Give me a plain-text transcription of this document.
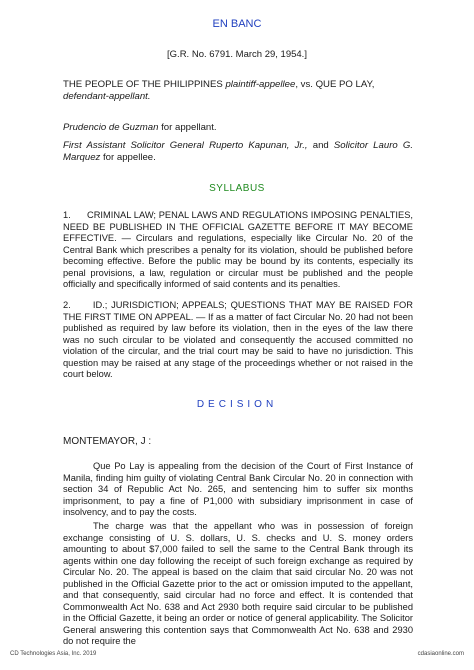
EN BANC
[G.R. No. 6791. March 29, 1954.]
THE PEOPLE OF THE PHILIPPINES plaintiff-appellee, vs. QUE PO LAY,
defendant-appellant.
Prudencio de Guzman for appellant.
First Assistant Solicitor General Ruperto Kapunan, Jr., and Solicitor Lauro G. Marquez for appellee.
SYLLABUS
1.      CRIMINAL LAW; PENAL LAWS AND REGULATIONS IMPOSING PENALTIES, NEED BE PUBLISHED IN THE OFFICIAL GAZETTE BEFORE IT MAY BECOME EFFECTIVE. — Circulars and regulations, especially like Circular No. 20 of the Central Bank which prescribes a penalty for its violation, should be published before becoming effective. Before the public may be bound by its contents, especially its penal provisions, a law, regulation or circular must be published and the people officially and specifically informed of said contents and its penalties.
2.      ID.; JURISDICTION; APPEALS; QUESTIONS THAT MAY BE RAISED FOR THE FIRST TIME ON APPEAL. — If as a matter of fact Circular No. 20 had not been published as required by law before its violation, then in the eyes of the law there was no such circular to be violated and consequently the accused committed no violation of the circular, and the trial court may be said to have no jurisdiction. This question may be raised at any stage of the proceedings whether or not raised in the court below.
DECISION
MONTEMAYOR, J :
Que Po Lay is appealing from the decision of the Court of First Instance of Manila, finding him guilty of violating Central Bank Circular No. 20 in connection with section 34 of Republic Act No. 265, and sentencing him to suffer six months imprisonment, to pay a fine of P1,000 with subsidiary imprisonment in case of insolvency, and to pay the costs.
The charge was that the appellant who was in possession of foreign exchange consisting of U. S. dollars, U. S. checks and U. S. money orders amounting to about $7,000 failed to sell the same to the Central Bank through its agents within one day following the receipt of such foreign exchange as required by Circular No. 20. The appeal is based on the claim that said circular No. 20 was not published in the Official Gazette prior to the act or omission imputed to the appellant, and that consequently, said circular had no force and effect. It is contended that Commonwealth Act No. 638 and Act 2930 both require said circular to be published in the Official Gazette, it being an order or notice of general applicability. The Solicitor General answering this contention says that Commonwealth Act No. 638 and 2930 do not require the
CD Technologies Asia, Inc. 2019	cdasiaonline.com
